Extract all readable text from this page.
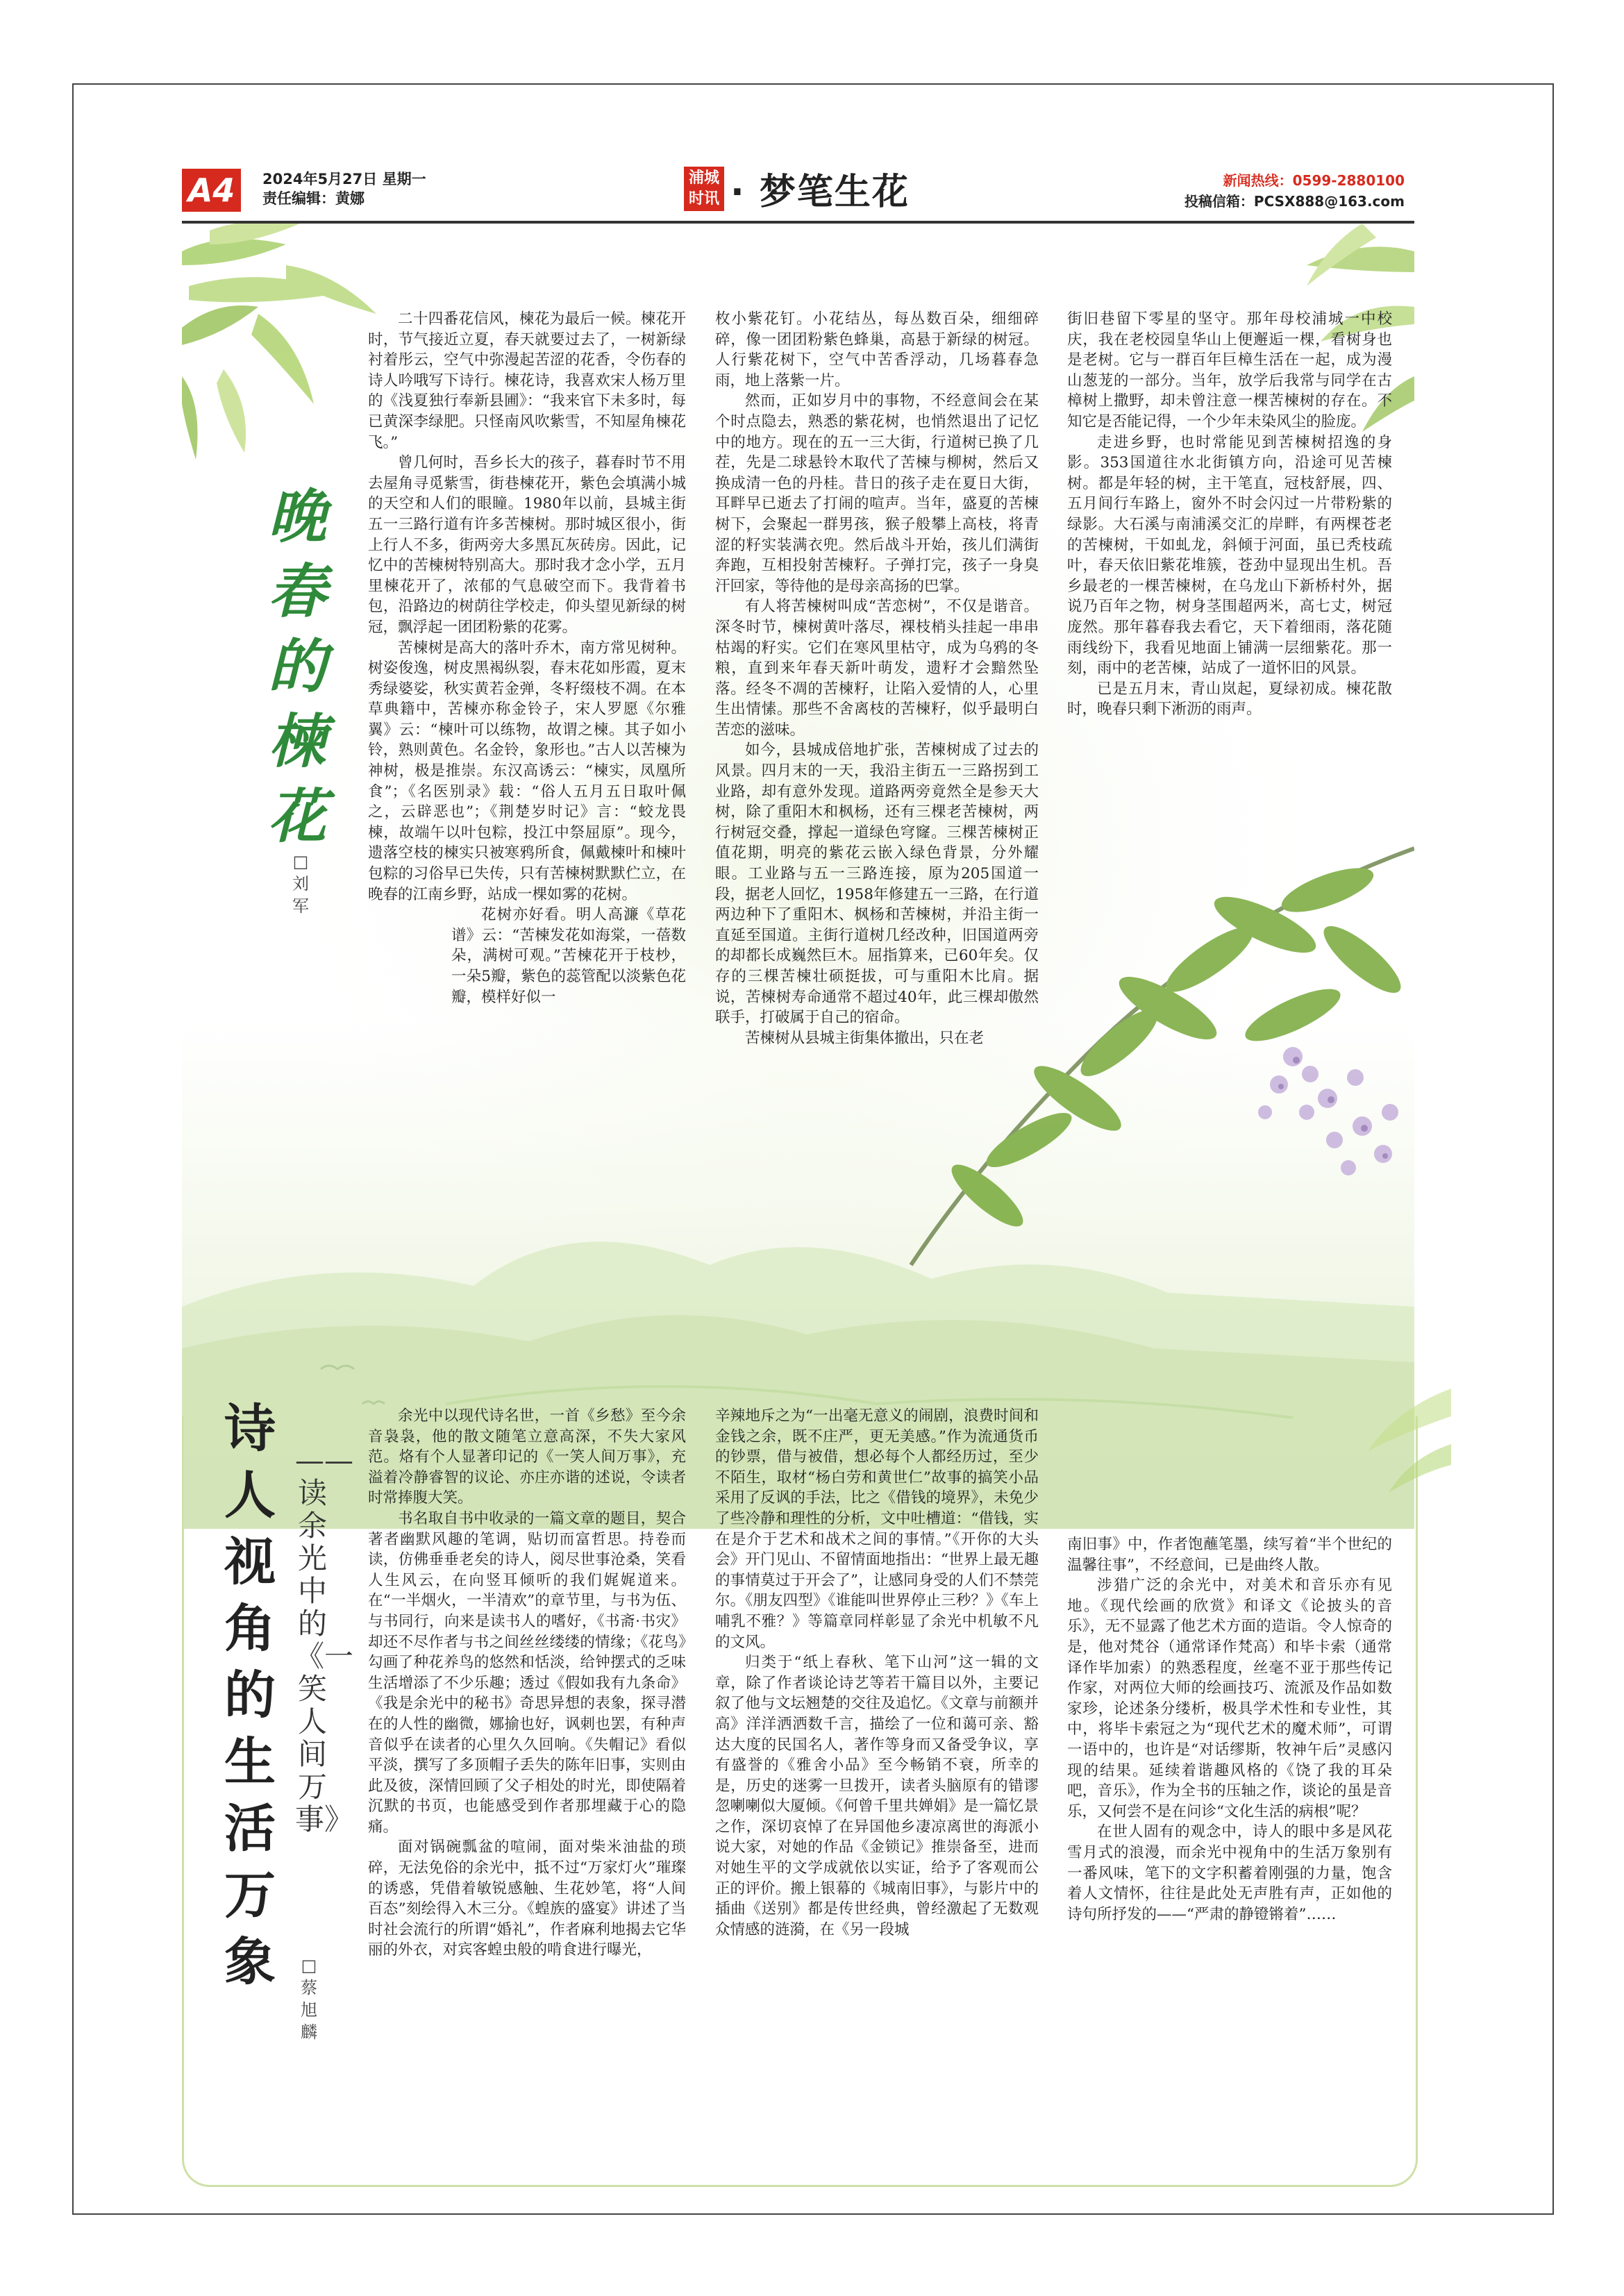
A4	2024年5月27日 星期一
责任编辑：黄娜
浦城时讯 · 梦笔生花	新闻热线：0599-2880100
投稿信箱：PCSX888@163.com
晚春的楝花
□刘军

二十四番花信风，楝花为最后一候。楝花开时，节气接近立夏，春天就要过去了，一树新绿衬着彤云，空气中弥漫起苦涩的花香，令伤春的诗人吟哦写下诗行。楝花诗，我喜欢宋人杨万里的《浅夏独行奉新县圃》：“我来官下未多时，每已黄深李绿肥。只怪南风吹紫雪，不知屋角楝花飞。”

曾几何时，吾乡长大的孩子，暮春时节不用去屋角寻觅紫雪，街巷楝花开，紫色会填满小城的天空和人们的眼瞳。1980年以前，县城主街五一三路行道有许多苦楝树。那时城区很小，街上行人不多，街两旁大多黑瓦灰砖房。因此，记忆中的苦楝树特别高大。那时我才念小学，五月里楝花开了，浓郁的气息破空而下。我背着书包，沿路边的树荫往学校走，仰头望见新绿的树冠，飘浮起一团团粉紫的花雾。

苦楝树是高大的落叶乔木，南方常见树种。树姿俊逸，树皮黑褐纵裂，春末花如彤霞，夏末秀绿婆娑，秋实黄若金弹，冬籽缀枝不凋。在本草典籍中，苦楝亦称金铃子，宋人罗愿《尔雅翼》云：“楝叶可以练物，故谓之楝。其子如小铃，熟则黄色。名金铃，象形也。”古人以苦楝为神树，极是推崇。东汉高诱云：“楝实，凤凰所食”；《名医别录》载：“俗人五月五日取叶佩之，云辟恶也”；《荆楚岁时记》言：“蛟龙畏楝，故端午以叶包粽，投江中祭屈原”。现今，遗落空枝的楝实只被寒鸦所食，佩戴楝叶和楝叶包粽的习俗早已失传，只有苦楝树默默伫立，在晚春的江南乡野，站成一棵如雾的花树。

花树亦好看。明人高濂《草花谱》云：“苦楝发花如海棠，一蓓数朵，满树可观。”苦楝花开于枝杪，一朵5瓣，紫色的蕊管配以淡紫色花瓣，模样好似一

枚小紫花钉。小花结丛，每丛数百朵，细细碎碎，像一团团粉紫色蜂巢，高悬于新绿的树冠。人行紫花树下，空气中苦香浮动，几场暮春急雨，地上落紫一片。

然而，正如岁月中的事物，不经意间会在某个时点隐去，熟悉的紫花树，也悄然退出了记忆中的地方。现在的五一三大街，行道树已换了几茬，先是二球悬铃木取代了苦楝与柳树，然后又换成清一色的丹桂。昔日的孩子走在夏日大街，耳畔早已逝去了打闹的喧声。当年，盛夏的苦楝树下，会聚起一群男孩，猴子般攀上高枝，将青涩的籽实装满衣兜。然后战斗开始，孩儿们满街奔跑，互相投射苦楝籽。子弹打完，孩子一身臭汗回家，等待他的是母亲高扬的巴掌。

有人将苦楝树叫成“苦恋树”，不仅是谐音。深冬时节，楝树黄叶落尽，裸枝梢头挂起一串串枯竭的籽实。它们在寒风里枯守，成为乌鸦的冬粮，直到来年春天新叶萌发，遗籽才会黯然坠落。经冬不凋的苦楝籽，让陷入爱情的人，心里生出情愫。那些不舍离枝的苦楝籽，似乎最明白苦恋的滋味。

如今，县城成倍地扩张，苦楝树成了过去的风景。四月末的一天，我沿主街五一三路拐到工业路，却有意外发现。道路两旁竟然全是参天大树，除了重阳木和枫杨，还有三棵老苦楝树，两行树冠交叠，撑起一道绿色穹窿。三棵苦楝树正值花期，明亮的紫花云嵌入绿色背景，分外耀眼。工业路与五一三路连接，原为205国道一段，据老人回忆，1958年修建五一三路，在行道两边种下了重阳木、枫杨和苦楝树，并沿主街一直延至国道。主街行道树几经改种，旧国道两旁的却都长成巍然巨木。屈指算来，已60年矣。仅存的三棵苦楝壮硕挺拔，可与重阳木比肩。据说，苦楝树寿命通常不超过40年，此三棵却傲然联手，打破属于自己的宿命。

苦楝树从县城主街集体撤出，只在老

街旧巷留下零星的坚守。那年母校浦城一中校庆，我在老校园皇华山上便邂逅一棵，看树身也是老树。它与一群百年巨樟生活在一起，成为漫山葱茏的一部分。当年，放学后我常与同学在古樟树上撒野，却未曾注意一棵苦楝树的存在。不知它是否能记得，一个少年未染风尘的脸庞。

走进乡野，也时常能见到苦楝树招逸的身影。353国道往水北街镇方向，沿途可见苦楝树。都是年轻的树，主干笔直，冠枝舒展，四、五月间行车路上，窗外不时会闪过一片带粉紫的绿影。大石溪与南浦溪交汇的岸畔，有两棵苍老的苦楝树，干如虬龙，斜倾于河面，虽已秃枝疏叶，春天依旧紫花堆簇，苍劲中显现出生机。吾乡最老的一棵苦楝树，在乌龙山下新桥村外，据说乃百年之物，树身茎围超两米，高七丈，树冠庞然。那年暮春我去看它，天下着细雨，落花随雨线纷下，我看见地面上铺满一层细紫花。那一刻，雨中的老苦楝，站成了一道怀旧的风景。

已是五月末，青山岚起，夏绿初成。楝花散时，晚春只剩下淅沥的雨声。

诗人视角的生活万象
——读余光中的《一笑人间万事》
□蔡旭麟

余光中以现代诗名世，一首《乡愁》至今余音袅袅，他的散文随笔立意高深，不失大家风范。烙有个人显著印记的《一笑人间万事》，充溢着冷静睿智的议论、亦庄亦谐的述说，令读者时常捧腹大笑。

书名取自书中收录的一篇文章的题目，契合著者幽默风趣的笔调，贴切而富哲思。持卷而读，仿佛垂垂老矣的诗人，阅尽世事沧桑，笑看人生风云，在向竖耳倾听的我们娓娓道来。在“一半烟火，一半清欢”的章节里，与书为伍、与书同行，向来是读书人的嗜好，《书斋·书灾》却还不尽作者与书之间丝丝缕缕的情缘；《花鸟》勾画了种花养鸟的悠然和恬淡，给钟摆式的乏味生活增添了不少乐趣；透过《假如我有九条命》《我是余光中的秘书》奇思异想的表象，探寻潜在的人性的幽微，娜揄也好，讽刺也罢，有种声音似乎在读者的心里久久回响。《失帽记》看似平淡，撰写了多顶帽子丢失的陈年旧事，实则由此及彼，深情回顾了父子相处的时光，即使隔着沉默的书页，也能感受到作者那埋藏于心的隐痛。

面对锅碗瓢盆的喧闹，面对柴米油盐的琐碎，无法免俗的余光中，抵不过“万家灯火”璀璨的诱惑，凭借着敏锐感触、生花妙笔，将“人间百态”刻绘得入木三分。《蝗族的盛宴》讲述了当时社会流行的所谓“婚礼”，作者麻利地揭去它华丽的外衣，对宾客蝗虫般的啃食进行曝光，

辛辣地斥之为“一出毫无意义的闹剧，浪费时间和金钱之余，既不庄严，更无美感。”作为流通货币的钞票，借与被借，想必每个人都经历过，至少不陌生，取材“杨白劳和黄世仁”故事的搞笑小品采用了反讽的手法，比之《借钱的境界》，未免少了些冷静和理性的分析，文中吐槽道：“借钱，实在是介于艺术和战术之间的事情。”《开你的大头会》开门见山、不留情面地指出：“世界上最无趣的事情莫过于开会了”，让感同身受的人们不禁莞尔。《朋友四型》《谁能叫世界停止三秒？》《车上哺乳不雅？》等篇章同样彰显了余光中机敏不凡的文风。

归类于“纸上春秋、笔下山河”这一辑的文章，除了作者谈论诗艺等若干篇目以外，主要记叙了他与文坛翘楚的交往及追忆。《文章与前额并高》洋洋洒洒数千言，描绘了一位和蔼可亲、豁达大度的民国名人，著作等身而又备受争议，享有盛誉的《雅舍小品》至今畅销不衰，所幸的是，历史的迷雾一旦拨开，读者头脑原有的错谬忽喇喇似大厦倾。《何曾千里共婵娟》是一篇忆景之作，深切哀悼了在异国他乡凄凉离世的海派小说大家，对她的作品《金锁记》推崇备至，进而对她生平的文学成就依以实证，给予了客观而公正的评价。搬上银幕的《城南旧事》，与影片中的插曲《送别》都是传世经典，曾经激起了无数观众情感的涟漪，在《另一段城

南旧事》中，作者饱蘸笔墨，续写着“半个世纪的温馨往事”，不经意间，已是曲终人散。

涉猎广泛的余光中，对美术和音乐亦有见地。《现代绘画的欣赏》和译文《论披头的音乐》，无不显露了他艺术方面的造诣。令人惊奇的是，他对梵谷（通常译作梵高）和毕卡索（通常译作毕加索）的熟悉程度，丝毫不亚于那些传记作家，对两位大师的绘画技巧、流派及作品如数家珍，论述条分缕析，极具学术性和专业性，其中，将毕卡索冠之为“现代艺术的魔术师”，可谓一语中的，也许是“对话缪斯，牧神午后”灵感闪现的结果。延续着谐趣风格的《饶了我的耳朵吧，音乐》，作为全书的压轴之作，谈论的虽是音乐，又何尝不是在问诊“文化生活的病根”呢？

在世人固有的观念中，诗人的眼中多是风花雪月式的浪漫，而余光中视角中的生活万象别有一番风味，笔下的文字积蓄着刚强的力量，饱含着人文情怀，往往是此处无声胜有声，正如他的诗句所抒发的——“严肃的静镫锵着”……
